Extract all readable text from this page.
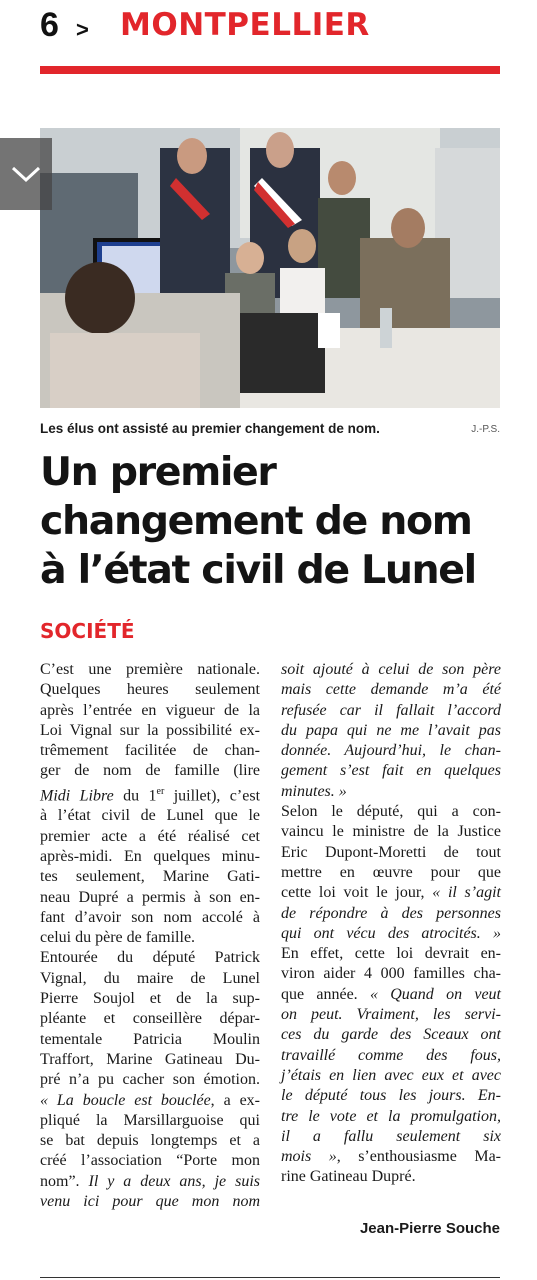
6 > MONTPELLIER
Les élus ont assisté au premier changement de nom.	J.-P.S.
Un premier
changement de nom
à l’état civil de Lunel
SOCIÉTÉ

C’est une première nationale.

Quelques heures seulement

après l’entrée en vigueur de la

Loi Vignal sur la possibilité ex-

trêmement facilitée de chan-

ger de nom de famille (lire

Midi Libre du 1er juillet), c’est

à l’état civil de Lunel que le

premier acte a été réalisé cet

après-midi. En quelques minu-

tes seulement, Marine Gati-

neau Dupré a permis à son en-

fant d’avoir son nom accolé à

celui du père de famille.

Entourée du député Patrick

Vignal, du maire de Lunel

Pierre Soujol et de la sup-

pléante et conseillère dépar-

tementale Patricia Moulin

Traffort, Marine Gatineau Du-

pré n’a pu cacher son émotion.

« La boucle est bouclée, a ex-

pliqué la Marsillarguoise qui

se bat depuis longtemps et a

créé l’association “Porte mon

nom”. Il y a deux ans, je suis

venu ici pour que mon nom

soit ajouté à celui de son père

mais cette demande m’a été

refusée car il fallait l’accord

du papa qui ne me l’avait pas

donnée. Aujourd’hui, le chan-

gement s’est fait en quelques

minutes. »

Selon le député, qui a con-

vaincu le ministre de la Justice

Eric Dupont-Moretti de tout

mettre en œuvre pour que

cette loi voit le jour, « il s’agit

de répondre à des personnes

qui ont vécu des atrocités. »

En effet, cette loi devrait en-

viron aider 4 000 familles cha-

que année. « Quand on veut

on peut. Vraiment, les servi-

ces du garde des Sceaux ont

travaillé comme des fous,

j’étais en lien avec eux et avec

le député tous les jours. En-

tre le vote et la promulgation,

il a fallu seulement six

mois », s’enthousiasme Ma-

rine Gatineau Dupré.

Jean-Pierre Souche
